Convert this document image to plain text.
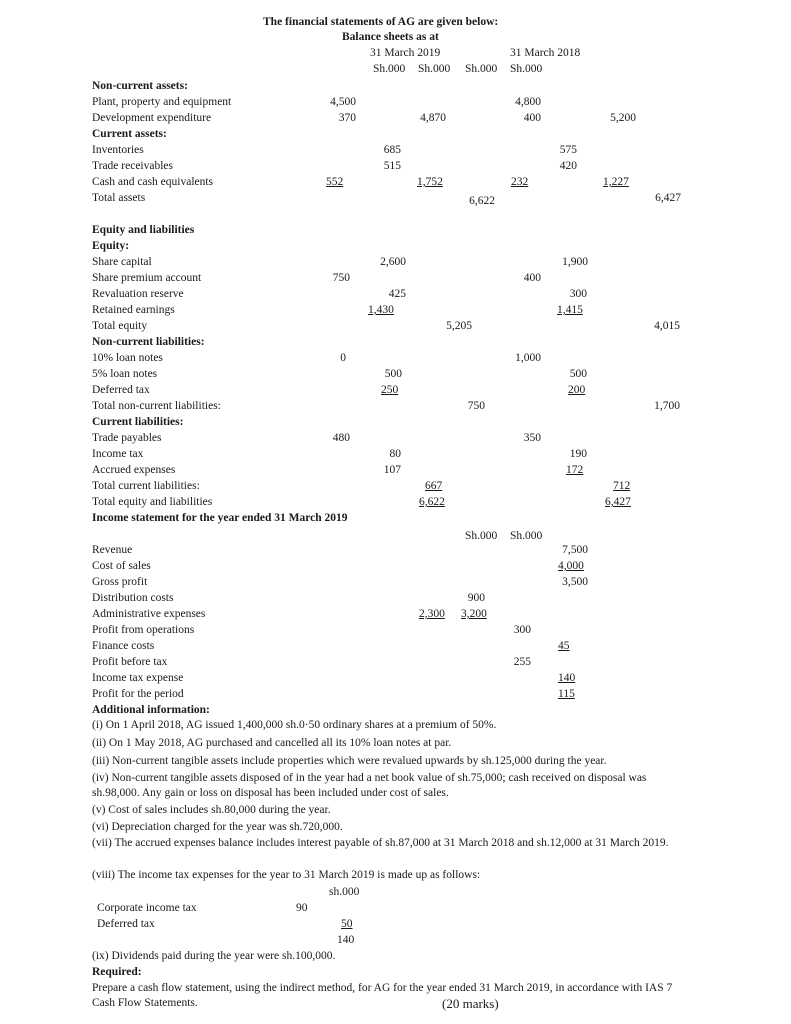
The financial statements of AG are given below:
Balance sheets as at
31 March 2019	31 March 2018
Sh.000 Sh.000 Sh.000 Sh.000
Non-current assets:
Plant, property and equipment	4,500	4,800
Development expenditure	370	4,870	400	5,200
Current assets:
Inventories	685	575
Trade receivables	515	420
Cash and cash equivalents	552	1,752	232	1,227
Total assets	6,622	6,427
Equity and liabilities
Equity:
Share capital	2,600	1,900
Share premium account	750	400
Revaluation reserve	425	300
Retained earnings	1,430	1,415
Total equity	5,205	4,015
Non-current liabilities:
10% loan notes	0	1,000
5% loan notes	500	500
Deferred tax	250	200
Total non-current liabilities:	750	1,700
Current liabilities:
Trade payables	480	350
Income tax	80	190
Accrued expenses	107	172
Total current liabilities:	667	712
Total equity and liabilities	6,622	6,427
Income statement for the year ended 31 March 2019
Sh.000 Sh.000
Revenue	7,500
Cost of sales	4,000
Gross profit	3,500
Distribution costs	900
Administrative expenses	2,300 3,200
Profit from operations	300
Finance costs	45
Profit before tax	255
Income tax expense	140
Profit for the period	115
Additional information:
(i) On 1 April 2018, AG issued 1,400,000 sh.0·50 ordinary shares at a premium of 50%.
(ii) On 1 May 2018, AG purchased and cancelled all its 10% loan notes at par.
(iii) Non-current tangible assets include properties which were revalued upwards by sh.125,000 during the year.
(iv) Non-current tangible assets disposed of in the year had a net book value of sh.75,000; cash received on disposal was sh.98,000. Any gain or loss on disposal has been included under cost of sales.
(v) Cost of sales includes sh.80,000 during the year.
(vi) Depreciation charged for the year was sh.720,000.
(vii) The accrued expenses balance includes interest payable of sh.87,000 at 31 March 2018 and sh.12,000 at 31 March 2019.
(viii) The income tax expenses for the year to 31 March 2019 is made up as follows:
sh.000
Corporate income tax	90
Deferred tax	50
140
(ix) Dividends paid during the year were sh.100,000.
Required:
Prepare a cash flow statement, using the indirect method, for AG for the year ended 31 March 2019, in accordance with IAS 7 Cash Flow Statements.	(20 marks)
